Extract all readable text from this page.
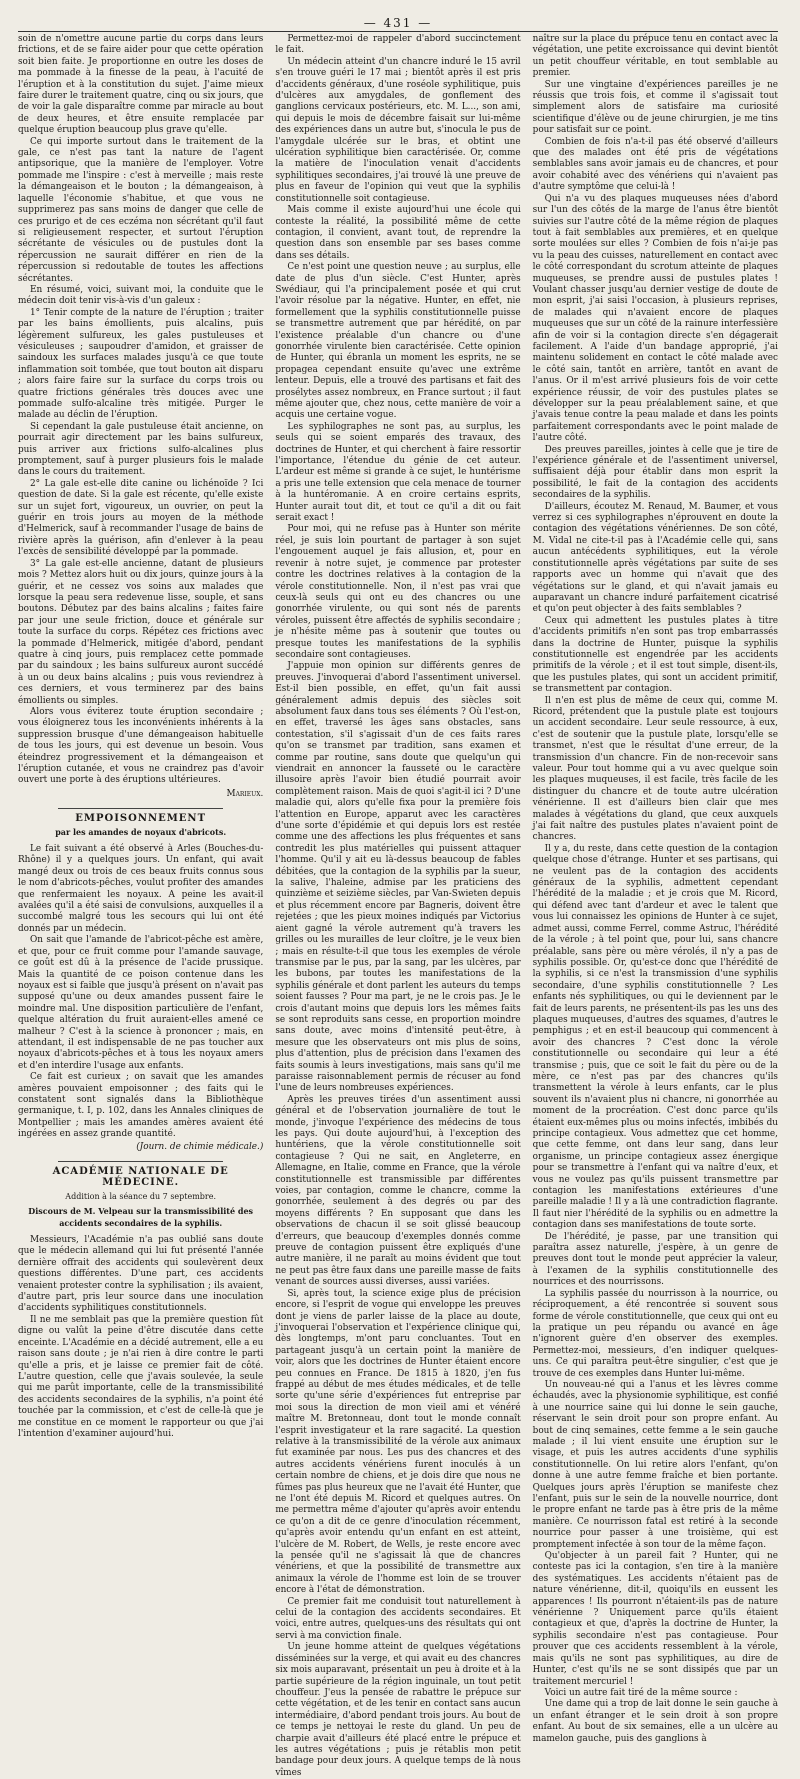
— 431 —

soin de n'omettre aucune partie du corps dans leurs frictions, et de se faire aider pour que cette opération soit bien faite. Je proportionne en outre les doses de ma pommade à la finesse de la peau, à l'acuité de l'éruption et à la constitution du sujet. J'aime mieux faire durer le traitement quatre, cinq ou six jours, que de voir la gale disparaître comme par miracle au bout de deux heures, et être ensuite remplacée par quelque éruption beaucoup plus grave qu'elle.

Ce qui importe surtout dans le traitement de la gale, ce n'est pas tant la nature de l'agent antipsorique, que la manière de l'employer. Votre pommade me l'inspire : c'est à merveille ; mais reste la démangeaison et le bouton ; la démangeaison, à laquelle l'économie s'habitue, et que vous ne supprimerez pas sans moins de danger que celle de ces prurigo et de ces eczéma non sécrétant qu'il faut si religieusement respecter, et surtout l'éruption sécrétante de vésicules ou de pustules dont la répercussion ne saurait différer en rien de la répercussion si redoutable de toutes les affections sécrétantes.

En résumé, voici, suivant moi, la conduite que le médecin doit tenir vis-à-vis d'un galeux :

1° Tenir compte de la nature de l'éruption ; traiter par les bains émollients, puis alcalins, puis légèrement sulfureux, les gales pustuleuses et vésiculeuses ; saupoudrer d'amidon, et graisser de saindoux les surfaces malades jusqu'à ce que toute inflammation soit tombée, que tout bouton ait disparu ; alors faire faire sur la surface du corps trois ou quatre frictions générales très douces avec une pommade sulfo-alcaline très mitigée. Purger le malade au déclin de l'éruption.

Si cependant la gale pustuleuse était ancienne, on pourrait agir directement par les bains sulfureux, puis arriver aux frictions sulfo-alcalines plus promptement, sauf à purger plusieurs fois le malade dans le cours du traitement.

2° La gale est-elle dite canine ou lichénoïde ? Ici question de date. Si la gale est récente, qu'elle existe sur un sujet fort, vigoureux, un ouvrier, on peut la guérir en trois jours au moyen de la méthode d'Helmerick, sauf à recommander l'usage de bains de rivière après la guérison, afin d'enlever à la peau l'excès de sensibilité développé par la pommade.

3° La gale est-elle ancienne, datant de plusieurs mois ? Mettez alors huit ou dix jours, quinze jours à la guérir, et ne cessez vos soins aux malades que lorsque la peau sera redevenue lisse, souple, et sans boutons. Débutez par des bains alcalins ; faites faire par jour une seule friction, douce et générale sur toute la surface du corps. Répétez ces frictions avec la pommade d'Helmerick, mitigée d'abord, pendant quatre à cinq jours, puis remplacez cette pommade par du saindoux ; les bains sulfureux auront succédé à un ou deux bains alcalins ; puis vous reviendrez à ces derniers, et vous terminerez par des bains émollients ou simples.

Alors vous éviterez toute éruption secondaire ; vous éloignerez tous les inconvénients inhérents à la suppression brusque d'une démangeaison habituelle de tous les jours, qui est devenue un besoin. Vous éteindrez progressivement et la démangeaison et l'éruption cutanée, et vous ne craindrez pas d'avoir ouvert une porte à des éruptions ultérieures.

Marieux.
EMPOISONNEMENT
par les amandes de noyaux d'abricots.

Le fait suivant a été observé à Arles (Bouches-du-Rhône) il y a quelques jours. Un enfant, qui avait mangé deux ou trois de ces beaux fruits connus sous le nom d'abricots-pêches, voulut profiter des amandes que renfermaient les noyaux. A peine les avait-il avalées qu'il a été saisi de convulsions, auxquelles il a succombé malgré tous les secours qui lui ont été donnés par un médecin.

On sait que l'amande de l'abricot-pêche est amère, et que, pour ce fruit comme pour l'amande sauvage, ce goût est dû à la présence de l'acide prussique. Mais la quantité de ce poison contenue dans les noyaux est si faible que jusqu'à présent on n'avait pas supposé qu'une ou deux amandes pussent faire le moindre mal. Une disposition particulière de l'enfant, quelque altération du fruit auraient-elles amené ce malheur ? C'est à la science à prononcer ; mais, en attendant, il est indispensable de ne pas toucher aux noyaux d'abricots-pêches et à tous les noyaux amers et d'en interdire l'usage aux enfants.

Ce fait est curieux ; on savait que les amandes amères pouvaient empoisonner ; des faits qui le constatent sont signalés dans la Bibliothèque germanique, t. I, p. 102, dans les Annales cliniques de Montpellier ; mais les amandes amères avaient été ingérées en assez grande quantité.

(Journ. de chimie médicale.)
ACADÉMIE NATIONALE DE MÉDECINE.
Addition à la séance du 7 septembre.
Discours de M. Velpeau sur la transmissibilité des accidents secondaires de la syphilis.

Messieurs, l'Académie n'a pas oublié sans doute que le médecin allemand qui lui fut présenté l'année dernière offrait des accidents qui soulevèrent deux questions différentes. D'une part, ces accidents venaient protester contre la syphilisation ; ils avaient, d'autre part, pris leur source dans une inoculation d'accidents syphilitiques constitutionnels.

Il ne me semblait pas que la première question fût digne ou valût la peine d'être discutée dans cette enceinte. L'Académie en a décidé autrement, elle a eu raison sans doute ; je n'ai rien à dire contre le parti qu'elle a pris, et je laisse ce premier fait de côté. L'autre question, celle que j'avais soulevée, la seule qui me parût importante, celle de la transmissibilité des accidents secondaires de la syphilis, n'a point été touchée par la commission, et c'est de celle-là que je me constitue en ce moment le rapporteur ou que j'ai l'intention d'examiner aujourd'hui.

Permettez-moi de rappeler d'abord succinctement le fait.

Un médecin atteint d'un chancre induré le 15 avril s'en trouve guéri le 17 mai ; bientôt après il est pris d'accidents généraux, d'une roséole syphilitique, puis d'ulcères aux amygdales, de gonflement des ganglions cervicaux postérieurs, etc. M. L..., son ami, qui depuis le mois de décembre faisait sur lui-même des expériences dans un autre but, s'inocula le pus de l'amygdale ulcérée sur le bras, et obtint une ulcération syphilitique bien caractérisée. Or, comme la matière de l'inoculation venait d'accidents syphilitiques secondaires, j'ai trouvé là une preuve de plus en faveur de l'opinion qui veut que la syphilis constitutionnelle soit contagieuse.

Mais comme il existe aujourd'hui une école qui conteste la réalité, la possibilité même de cette contagion, il convient, avant tout, de reprendre la question dans son ensemble par ses bases comme dans ses détails.

Ce n'est point une question neuve ; au surplus, elle date de plus d'un siècle. C'est Hunter, après Swédiaur, qui l'a principalement posée et qui crut l'avoir résolue par la négative. Hunter, en effet, nie formellement que la syphilis constitutionnelle puisse se transmettre autrement que par hérédité, on par l'existence préalable d'un chancre ou d'une gonorrhée virulente bien caractérisée. Cette opinion de Hunter, qui ébranla un moment les esprits, ne se propagea cependant ensuite qu'avec une extrême lenteur. Depuis, elle a trouvé des partisans et fait des prosélytes assez nombreux, en France surtout ; il faut même ajouter que, chez nous, cette manière de voir a acquis une certaine vogue.

Les syphilographes ne sont pas, au surplus, les seuls qui se soient emparés des travaux, des doctrines de Hunter, et qui cherchent à faire ressortir l'importance, l'étendue du génie de cet auteur. L'ardeur est même si grande à ce sujet, le huntérisme a pris une telle extension que cela menace de tourner à la huntéromanie. A en croire certains esprits, Hunter aurait tout dit, et tout ce qu'il a dit ou fait serait exact !

Pour moi, qui ne refuse pas à Hunter son mérite réel, je suis loin pourtant de partager à son sujet l'engouement auquel je fais allusion, et, pour en revenir à notre sujet, je commence par protester contre les doctrines relatives à la contagion de la vérole constitutionnelle. Non, il n'est pas vrai que ceux-là seuls qui ont eu des chancres ou une gonorrhée virulente, ou qui sont nés de parents véroles, puissent être affectés de syphilis secondaire ; je n'hésite même pas à soutenir que toutes ou presque toutes les manifestations de la syphilis secondaire sont contagieuses.

J'appuie mon opinion sur différents genres de preuves. J'invoquerai d'abord l'assentiment universel. Est-il bien possible, en effet, qu'un fait aussi généralement admis depuis des siècles soit absolument faux dans tous ses éléments ? Où l'est-on, en effet, traversé les âges sans obstacles, sans contestation, s'il s'agissait d'un de ces faits rares qu'on se transmet par tradition, sans examen et comme par routine, sans doute que quelqu'un qui viendrait en annoncer la fausseté ou le caractère illusoire après l'avoir bien étudié pourrait avoir complètement raison. Mais de quoi s'agit-il ici ? D'une maladie qui, alors qu'elle fixa pour la première fois l'attention en Europe, apparut avec les caractères d'une sorte d'épidémie et qui depuis lors est restée comme une des affections les plus fréquentes et sans contredit les plus matérielles qui puissent attaquer l'homme. Qu'il y ait eu là-dessus beaucoup de fables débitées, que la contagion de la syphilis par la sueur, la salive, l'haleine, admise par les praticiens des quinzième et seizième siècles, par Van-Swieten depuis et plus récemment encore par Bagneris, doivent être rejetées ; que les pieux moines indiqués par Victorius aient gagné la vérole autrement qu'à travers les grilles ou les murailles de leur cloître, je le veux bien ; mais en résulte-t-il que tous les exemples de vérole transmise par le pus, par la sang, par les ulcères, par les bubons, par toutes les manifestations de la syphilis générale et dont parlent les auteurs du temps soient fausses ? Pour ma part, je ne le crois pas. Je le crois d'autant moins que depuis lors les mêmes faits se sont reproduits sans cesse, en proportion moindre sans doute, avec moins d'intensité peut-être, à mesure que les observateurs ont mis plus de soins, plus d'attention, plus de précision dans l'examen des faits soumis à leurs investigations, mais sans qu'il me paraisse raisonnablement permis de récuser au fond l'une de leurs nombreuses expériences.

Après les preuves tirées d'un assentiment aussi général et de l'observation journalière de tout le monde, j'invoque l'expérience des médecins de tous les pays. Qui doute aujourd'hui, à l'exception des huntériens, que la vérole constitutionnelle soit contagieuse ? Qui ne sait, en Angleterre, en Allemagne, en Italie, comme en France, que la vérole constitutionnelle est transmissible par différentes voies, par contagion, comme le chancre, comme la gonorrhée, seulement à des degrés ou par des moyens différents ? En supposant que dans les observations de chacun il se soit glissé beaucoup d'erreurs, que beaucoup d'exemples donnés comme preuve de contagion puissent être expliqués d'une autre manière, il ne paraît au moins évident que tout ne peut pas être faux dans une pareille masse de faits venant de sources aussi diverses, aussi variées.

Si, après tout, la science exige plus de précision encore, si l'esprit de vogue qui enveloppe les preuves dont je viens de parler laisse de la place au doute, j'invoquerai l'observation et l'expérience clinique qui, dès longtemps, m'ont paru concluantes. Tout en partageant jusqu'à un certain point la manière de voir, alors que les doctrines de Hunter étaient encore peu connues en France. De 1815 à 1820, j'en fus frappé au début de mes études médicales, et de telle sorte qu'une série d'expériences fut entreprise par moi sous la direction de mon vieil ami et vénéré maître M. Bretonneau, dont tout le monde connaît l'esprit investigateur et la rare sagacité. La question relative à la transmissibilité de la vérole aux animaux fut examinée par nous. Les pus des chancres et des autres accidents vénériens furent inoculés à un certain nombre de chiens, et je dois dire que nous ne fûmes pas plus heureux que ne l'avait été Hunter, que ne l'ont été depuis M. Ricord et quelques autres. On me permettra même d'ajouter qu'après avoir entendu ce qu'on a dit de ce genre d'inoculation récemment, qu'après avoir entendu qu'un enfant en est atteint, l'ulcère de M. Robert, de Wells, je reste encore avec la pensée qu'il ne s'agissait là que de chancres vénériens, et que la possibilité de transmettre aux animaux la vérole de l'homme est loin de se trouver encore à l'état de démonstration.

Ce premier fait me conduisit tout naturellement à celui de la contagion des accidents secondaires. Et voici, entre autres, quelques-uns des résultats qui ont servi à ma conviction finale.

Un jeune homme atteint de quelques végétations disséminées sur la verge, et qui avait eu des chancres six mois auparavant, présentait un peu à droite et à la partie supérieure de la région inguinale, un tout petit chouffeur. J'eus la pensée de rabattre le prépuce sur cette végétation, et de les tenir en contact sans aucun intermédiaire, d'abord pendant trois jours. Au bout de ce temps je nettoyai le reste du gland. Un peu de charpie avait d'ailleurs été placé entre le prépuce et les autres végétations ; puis je rétablis mon petit bandage pour deux jours. A quelque temps de là nous vîmes

naître sur la place du prépuce tenu en contact avec la végétation, une petite excroissance qui devint bientôt un petit chouffeur véritable, en tout semblable au premier.

Sur une vingtaine d'expériences pareilles je ne réussis que trois fois, et comme il s'agissait tout simplement alors de satisfaire ma curiosité scientifique d'élève ou de jeune chirurgien, je me tins pour satisfait sur ce point.

Combien de fois n'a-t-il pas été observé d'ailleurs que des malades ont été pris de végétations semblables sans avoir jamais eu de chancres, et pour avoir cohabité avec des vénériens qui n'avaient pas d'autre symptôme que celui-là !

Qui n'a vu des plaques muqueuses nées d'abord sur l'un des côtés de la marge de l'anus être bientôt suivies sur l'autre côté de la même région de plaques tout à fait semblables aux premières, et en quelque sorte moulées sur elles ? Combien de fois n'ai-je pas vu la peau des cuisses, naturellement en contact avec le côté correspondant du scrotum atteinte de plaques muqueuses, se prendre aussi de pustules plates ! Voulant chasser jusqu'au dernier vestige de doute de mon esprit, j'ai saisi l'occasion, à plusieurs reprises, de malades qui n'avaient encore de plaques muqueuses que sur un côté de la rainure interfessière afin de voir si la contagion directe s'en dégagerait facilement. A l'aide d'un bandage approprié, j'ai maintenu solidement en contact le côté malade avec le côté sain, tantôt en arrière, tantôt en avant de l'anus. Or il m'est arrivé plusieurs fois de voir cette expérience réussir, de voir des pustules plates se développer sur la peau préalablement saine, et que j'avais tenue contre la peau malade et dans les points parfaitement correspondants avec le point malade de l'autre côté.

Des preuves pareilles, jointes à celle que je tire de l'expérience générale et de l'assentiment universel, suffisaient déjà pour établir dans mon esprit la possibilité, le fait de la contagion des accidents secondaires de la syphilis.

D'ailleurs, écoutez M. Renaud, M. Baumer, et vous verrez si ces syphilographes n'éprouvent en doute la contagion des végétations vénériennes. De son côté, M. Vidal ne cite-t-il pas à l'Académie celle qui, sans aucun antécédents syphilitiques, eut la vérole constitutionnelle après végétations par suite de ses rapports avec un homme qui n'avait que des végétations sur le gland, et qui n'avait jamais eu auparavant un chancre induré parfaitement cicatrisé et qu'on peut objecter à des faits semblables ?

Ceux qui admettent les pustules plates à titre d'accidents primitifs n'en sont pas trop embarrassés dans la doctrine de Hunter, puisque la syphilis constitutionnelle est engendrée par les accidents primitifs de la vérole ; et il est tout simple, disent-ils, que les pustules plates, qui sont un accident primitif, se transmettent par contagion.

Il n'en est plus de même de ceux qui, comme M. Ricord, prétendent que la pustule plate est toujours un accident secondaire. Leur seule ressource, à eux, c'est de soutenir que la pustule plate, lorsqu'elle se transmet, n'est que le résultat d'une erreur, de la transmission d'un chancre. Fin de non-recevoir sans valeur. Pour tout homme qui a vu avec quelque soin les plaques muqueuses, il est facile, très facile de les distinguer du chancre et de toute autre ulcération vénérienne. Il est d'ailleurs bien clair que mes malades à végétations du gland, que ceux auxquels j'ai fait naître des pustules plates n'avaient point de chancres.

Il y a, du reste, dans cette question de la contagion quelque chose d'étrange. Hunter et ses partisans, qui ne veulent pas de la contagion des accidents généraux de la syphilis, admettent cependant l'hérédité de la maladie ; et je crois que M. Ricord, qui défend avec tant d'ardeur et avec le talent que vous lui connaissez les opinions de Hunter à ce sujet, admet aussi, comme Ferrel, comme Astruc, l'hérédité de la vérole ; à tel point que, pour lui, sans chancre préalable, sans père ou mère vérolés, il n'y a pas de syphilis possible. Or, qu'est-ce donc que l'hérédité de la syphilis, si ce n'est la transmission d'une syphilis secondaire, d'une syphilis constitutionnelle ? Les enfants nés syphilitiques, ou qui le deviennent par le fait de leurs parents, ne présentent-ils pas les uns des plaques muqueuses, d'autres des squames, d'autres le pemphigus ; et en est-il beaucoup qui commencent à avoir des chancres ? C'est donc la vérole constitutionnelle ou secondaire qui leur a été transmise ; puis, que ce soit le fait du père ou de la mère, ce n'est pas par des chancres qu'ils transmettent la vérole à leurs enfants, car le plus souvent ils n'avaient plus ni chancre, ni gonorrhée au moment de la procréation. C'est donc parce qu'ils étaient eux-mêmes plus ou moins infectés, imbibés du principe contagieux. Vous admettez que cet homme, que cette femme, ont dans leur sang, dans leur organisme, un principe contagieux assez énergique pour se transmettre à l'enfant qui va naître d'eux, et vous ne voulez pas qu'ils puissent transmettre par contagion les manifestations extérieures d'une pareille maladie ! Il y a là une contradiction flagrante. Il faut nier l'hérédité de la syphilis ou en admettre la contagion dans ses manifestations de toute sorte.

De l'hérédité, je passe, par une transition qui paraîtra assez naturelle, j'espère, à un genre de preuves dont tout le monde peut apprécier la valeur, à l'examen de la syphilis constitutionnelle des nourrices et des nourrissons.

La syphilis passée du nourrisson à la nourrice, ou réciproquement, a été rencontrée si souvent sous forme de vérole constitutionnelle, que ceux qui ont eu la pratique un peu répandu ou avancé en âge n'ignorent guère d'en observer des exemples. Permettez-moi, messieurs, d'en indiquer quelques-uns. Ce qui paraîtra peut-être singulier, c'est que je trouve de ces exemples dans Hunter lui-même.

Un nouveau-né qui a l'anus et les lèvres comme échaudés, avec la physionomie syphilitique, est confié à une nourrice saine qui lui donne le sein gauche, réservant le sein droit pour son propre enfant. Au bout de cinq semaines, cette femme a le sein gauche malade ; il lui vient ensuite une éruption sur le visage, et puis les autres accidents d'une syphilis constitutionnelle. On lui retire alors l'enfant, qu'on donne à une autre femme fraîche et bien portante. Quelques jours après l'éruption se manifeste chez l'enfant, puis sur le sein de la nouvelle nourrice, dont le propre enfant ne tarde pas à être pris de la même manière. Ce nourrisson fatal est retiré à la seconde nourrice pour passer à une troisième, qui est promptement infectée à son tour de la même façon.

Qu'objecter à un pareil fait ? Hunter, qui ne conteste pas ici la contagion, s'en tire à la manière des systématiques. Les accidents n'étaient pas de nature vénérienne, dit-il, quoiqu'ils en eussent les apparences ! Ils pourront n'étaient-ils pas de nature vénérienne ? Uniquement parce qu'ils étaient contagieux et que, d'après la doctrine de Hunter, la syphilis secondaire n'est pas contagieuse. Pour prouver que ces accidents ressemblent à la vérole, mais qu'ils ne sont pas syphilitiques, au dire de Hunter, c'est qu'ils ne se sont dissipés que par un traitement mercuriel !

Voici un autre fait tiré de la même source :

Une dame qui a trop de lait donne le sein gauche à un enfant étranger et le sein droit à son propre enfant. Au bout de six semaines, elle a un ulcère au mamelon gauche, puis des ganglions à
